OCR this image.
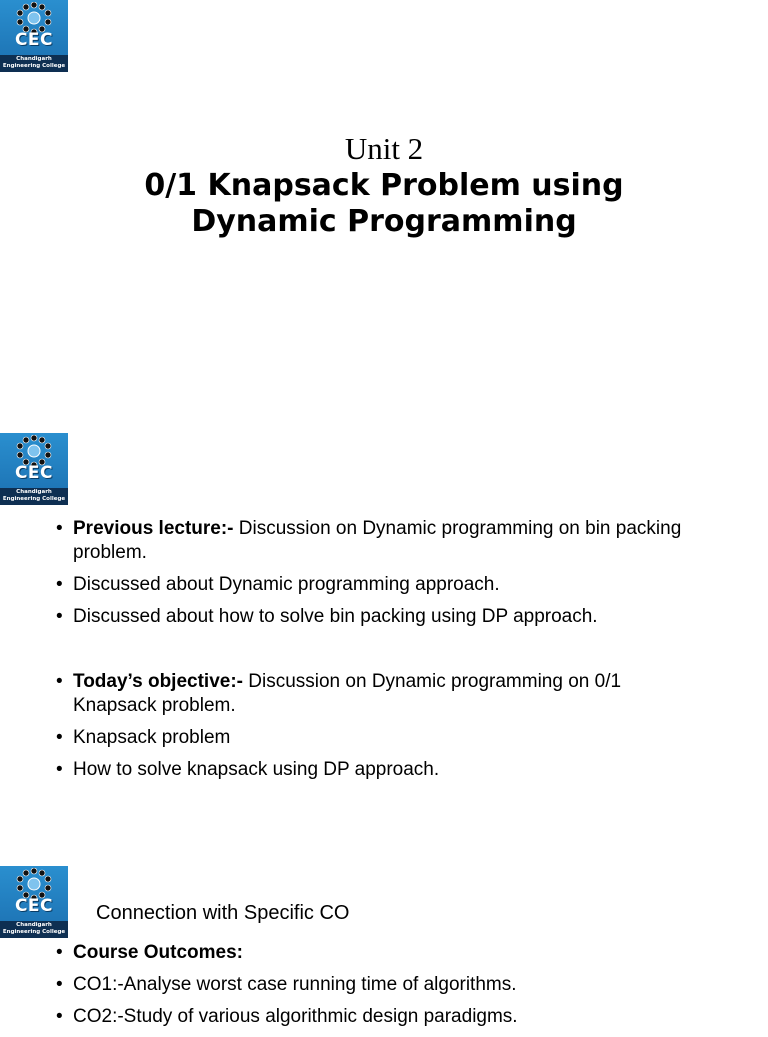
CEC
Chandigarh
Engineering College
Unit 2
0/1 Knapsack Problem using
Dynamic Programming
CEC
Chandigarh
Engineering College
• Previous lecture:- Discussion on Dynamic programming on bin packing problem.
• Discussed about Dynamic programming approach.
• Discussed about how to solve bin packing using DP approach.
• Today’s objective:- Discussion on Dynamic programming on 0/1 Knapsack problem.
• Knapsack problem
• How to solve knapsack using DP approach.
CEC
Chandigarh
Engineering College
Connection with Specific CO
• Course Outcomes:
• CO1:-Analyse worst case running time of algorithms.
• CO2:-Study of various algorithmic design paradigms.
